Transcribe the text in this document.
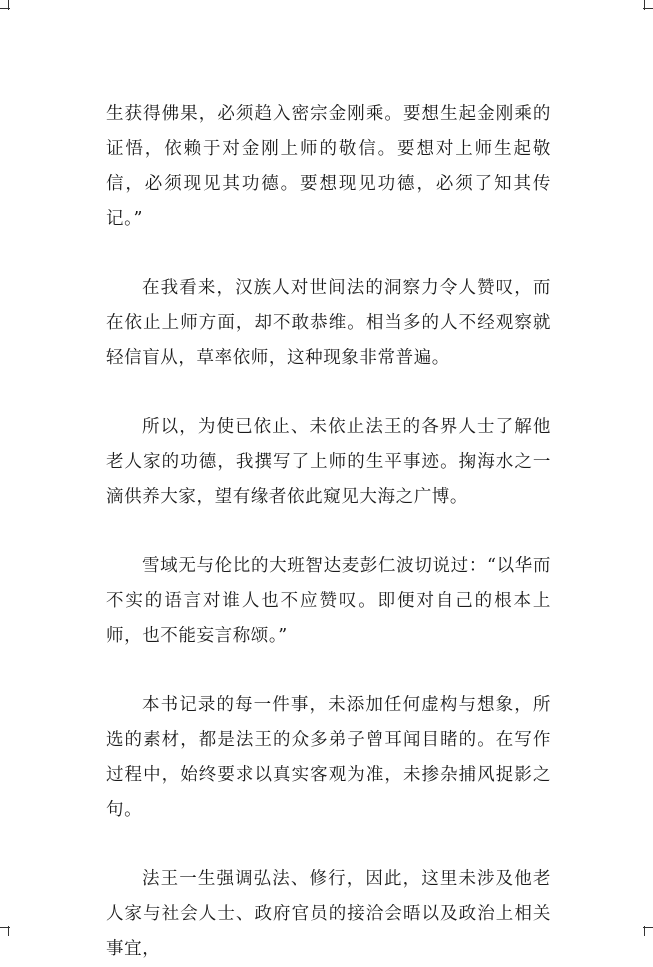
生获得佛果，必须趋入密宗金刚乘。要想生起金刚乘的证悟，依赖于对金刚上师的敬信。要想对上师生起敬信，必须现见其功德。要想现见功德，必须了知其传记。”

在我看来，汉族人对世间法的洞察力令人赞叹，而在依止上师方面，却不敢恭维。相当多的人不经观察就轻信盲从，草率依师，这种现象非常普遍。

所以，为使已依止、未依止法王的各界人士了解他老人家的功德，我撰写了上师的生平事迹。掬海水之一滴供养大家，望有缘者依此窥见大海之广博。

雪域无与伦比的大班智达麦彭仁波切说过：“以华而不实的语言对谁人也不应赞叹。即便对自己的根本上师，也不能妄言称颂。”

本书记录的每一件事，未添加任何虚构与想象，所选的素材，都是法王的众多弟子曾耳闻目睹的。在写作过程中，始终要求以真实客观为准，未掺杂捕风捉影之句。

法王一生强调弘法、修行，因此，这里未涉及他老人家与社会人士、政府官员的接洽会晤以及政治上相关事宜，
